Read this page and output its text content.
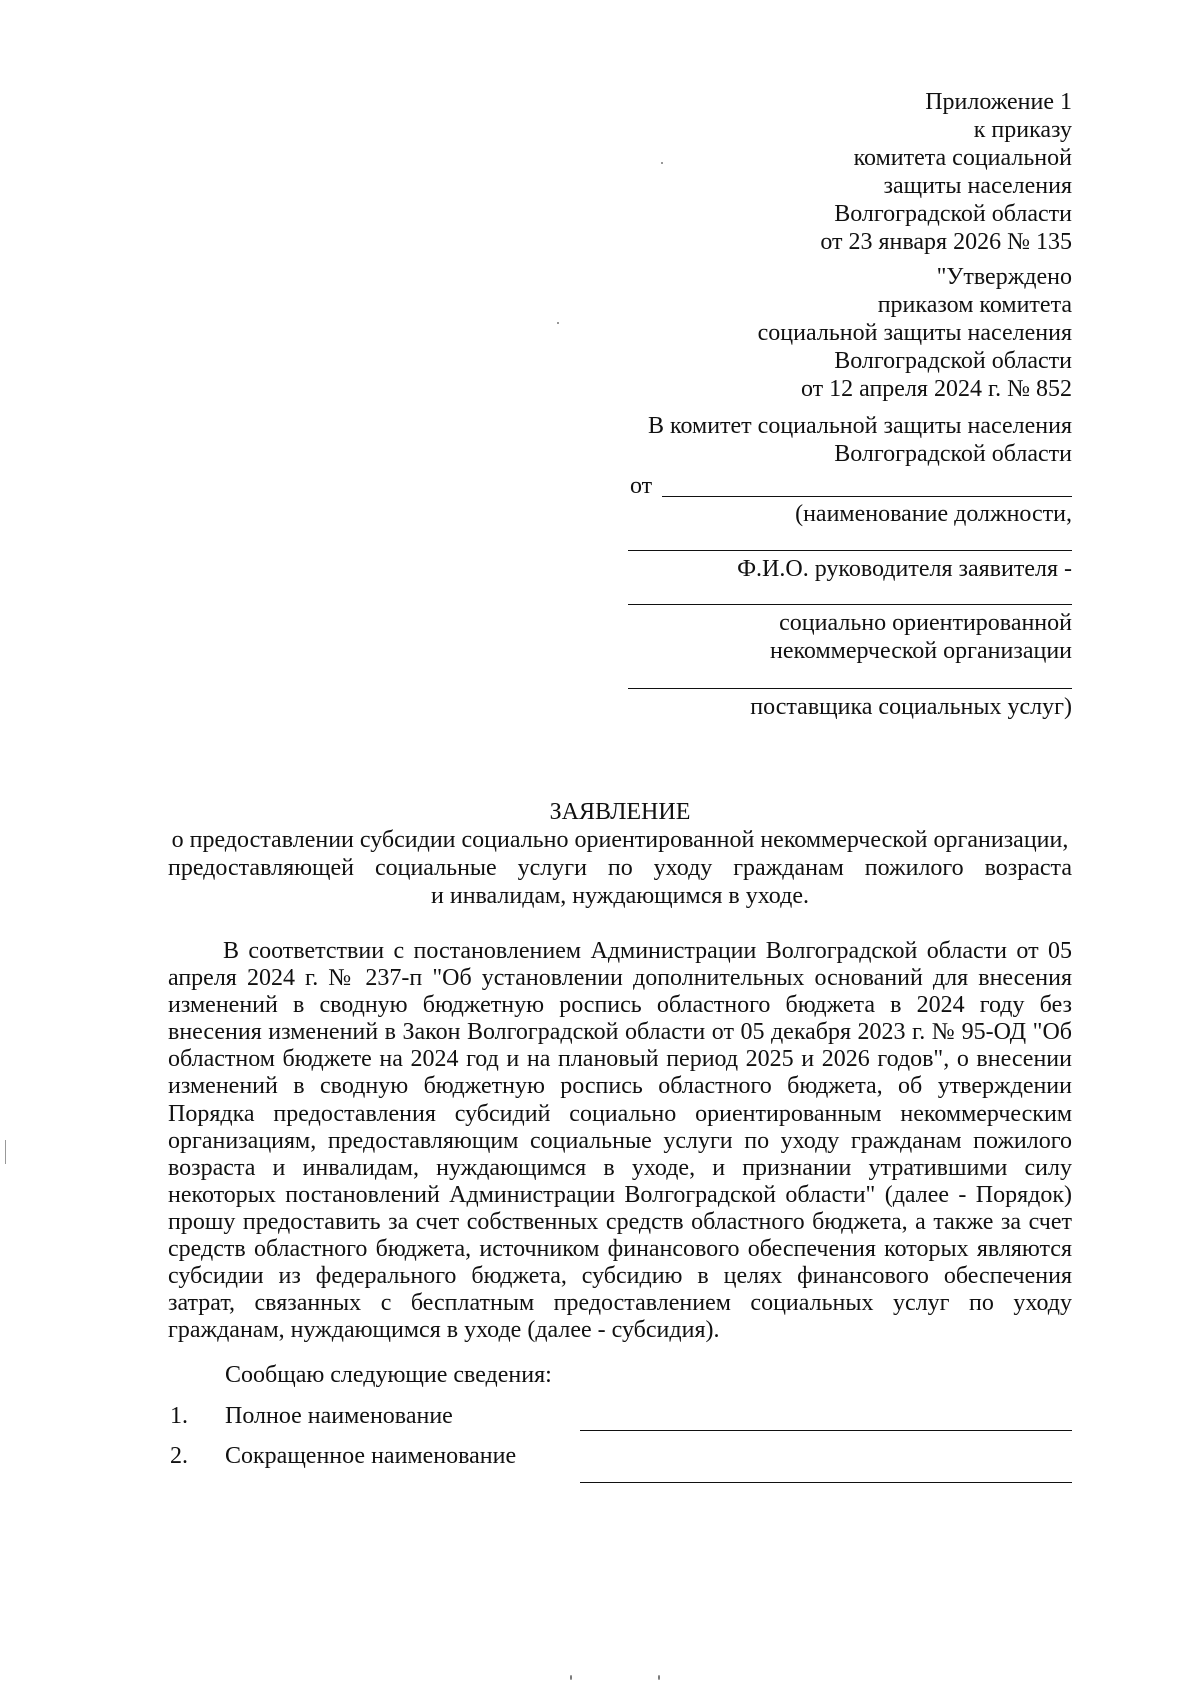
Приложение 1
к приказу
комитета социальной
защиты населения
Волгоградской области
от 23 января 2026 № 135
"Утверждено
приказом комитета
социальной защиты населения
Волгоградской области
от 12 апреля 2024 г. № 852
В комитет социальной защиты населения
Волгоградской области
от
(наименование должности,
Ф.И.О. руководителя заявителя -
социально ориентированной
некоммерческой организации
поставщика социальных услуг)
ЗАЯВЛЕНИЕ
о предоставлении субсидии социально ориентированной некоммерческой организации,
предоставляющей социальные услуги по уходу гражданам пожилого возраста
и инвалидам, нуждающимся в уходе.
В соответствии с постановлением Администрации Волгоградской области от 05 апреля 2024 г. № 237-п "Об установлении дополнительных оснований для внесения изменений в сводную бюджетную роспись областного бюджета в 2024 году без внесения изменений в Закон Волгоградской области от 05 декабря 2023 г. № 95-ОД "Об областном бюджете на 2024 год и на плановый период 2025 и 2026 годов", о внесении изменений в сводную бюджетную роспись областного бюджета, об утверждении Порядка предоставления субсидий социально ориентированным некоммерческим организациям, предоставляющим социальные услуги по уходу гражданам пожилого возраста и инвалидам, нуждающимся в уходе, и признании утратившими силу некоторых постановлений Администрации Волгоградской области" (далее - Порядок) прошу предоставить за счет собственных средств областного бюджета, а также за счет средств областного бюджета, источником финансового обеспечения которых являются субсидии из федерального бюджета, субсидию в целях финансового обеспечения затрат, связанных с бесплатным предоставлением социальных услуг по уходу гражданам, нуждающимся в уходе (далее - субсидия).
Сообщаю следующие сведения:
1. Полное наименование
2. Сокращенное наименование
